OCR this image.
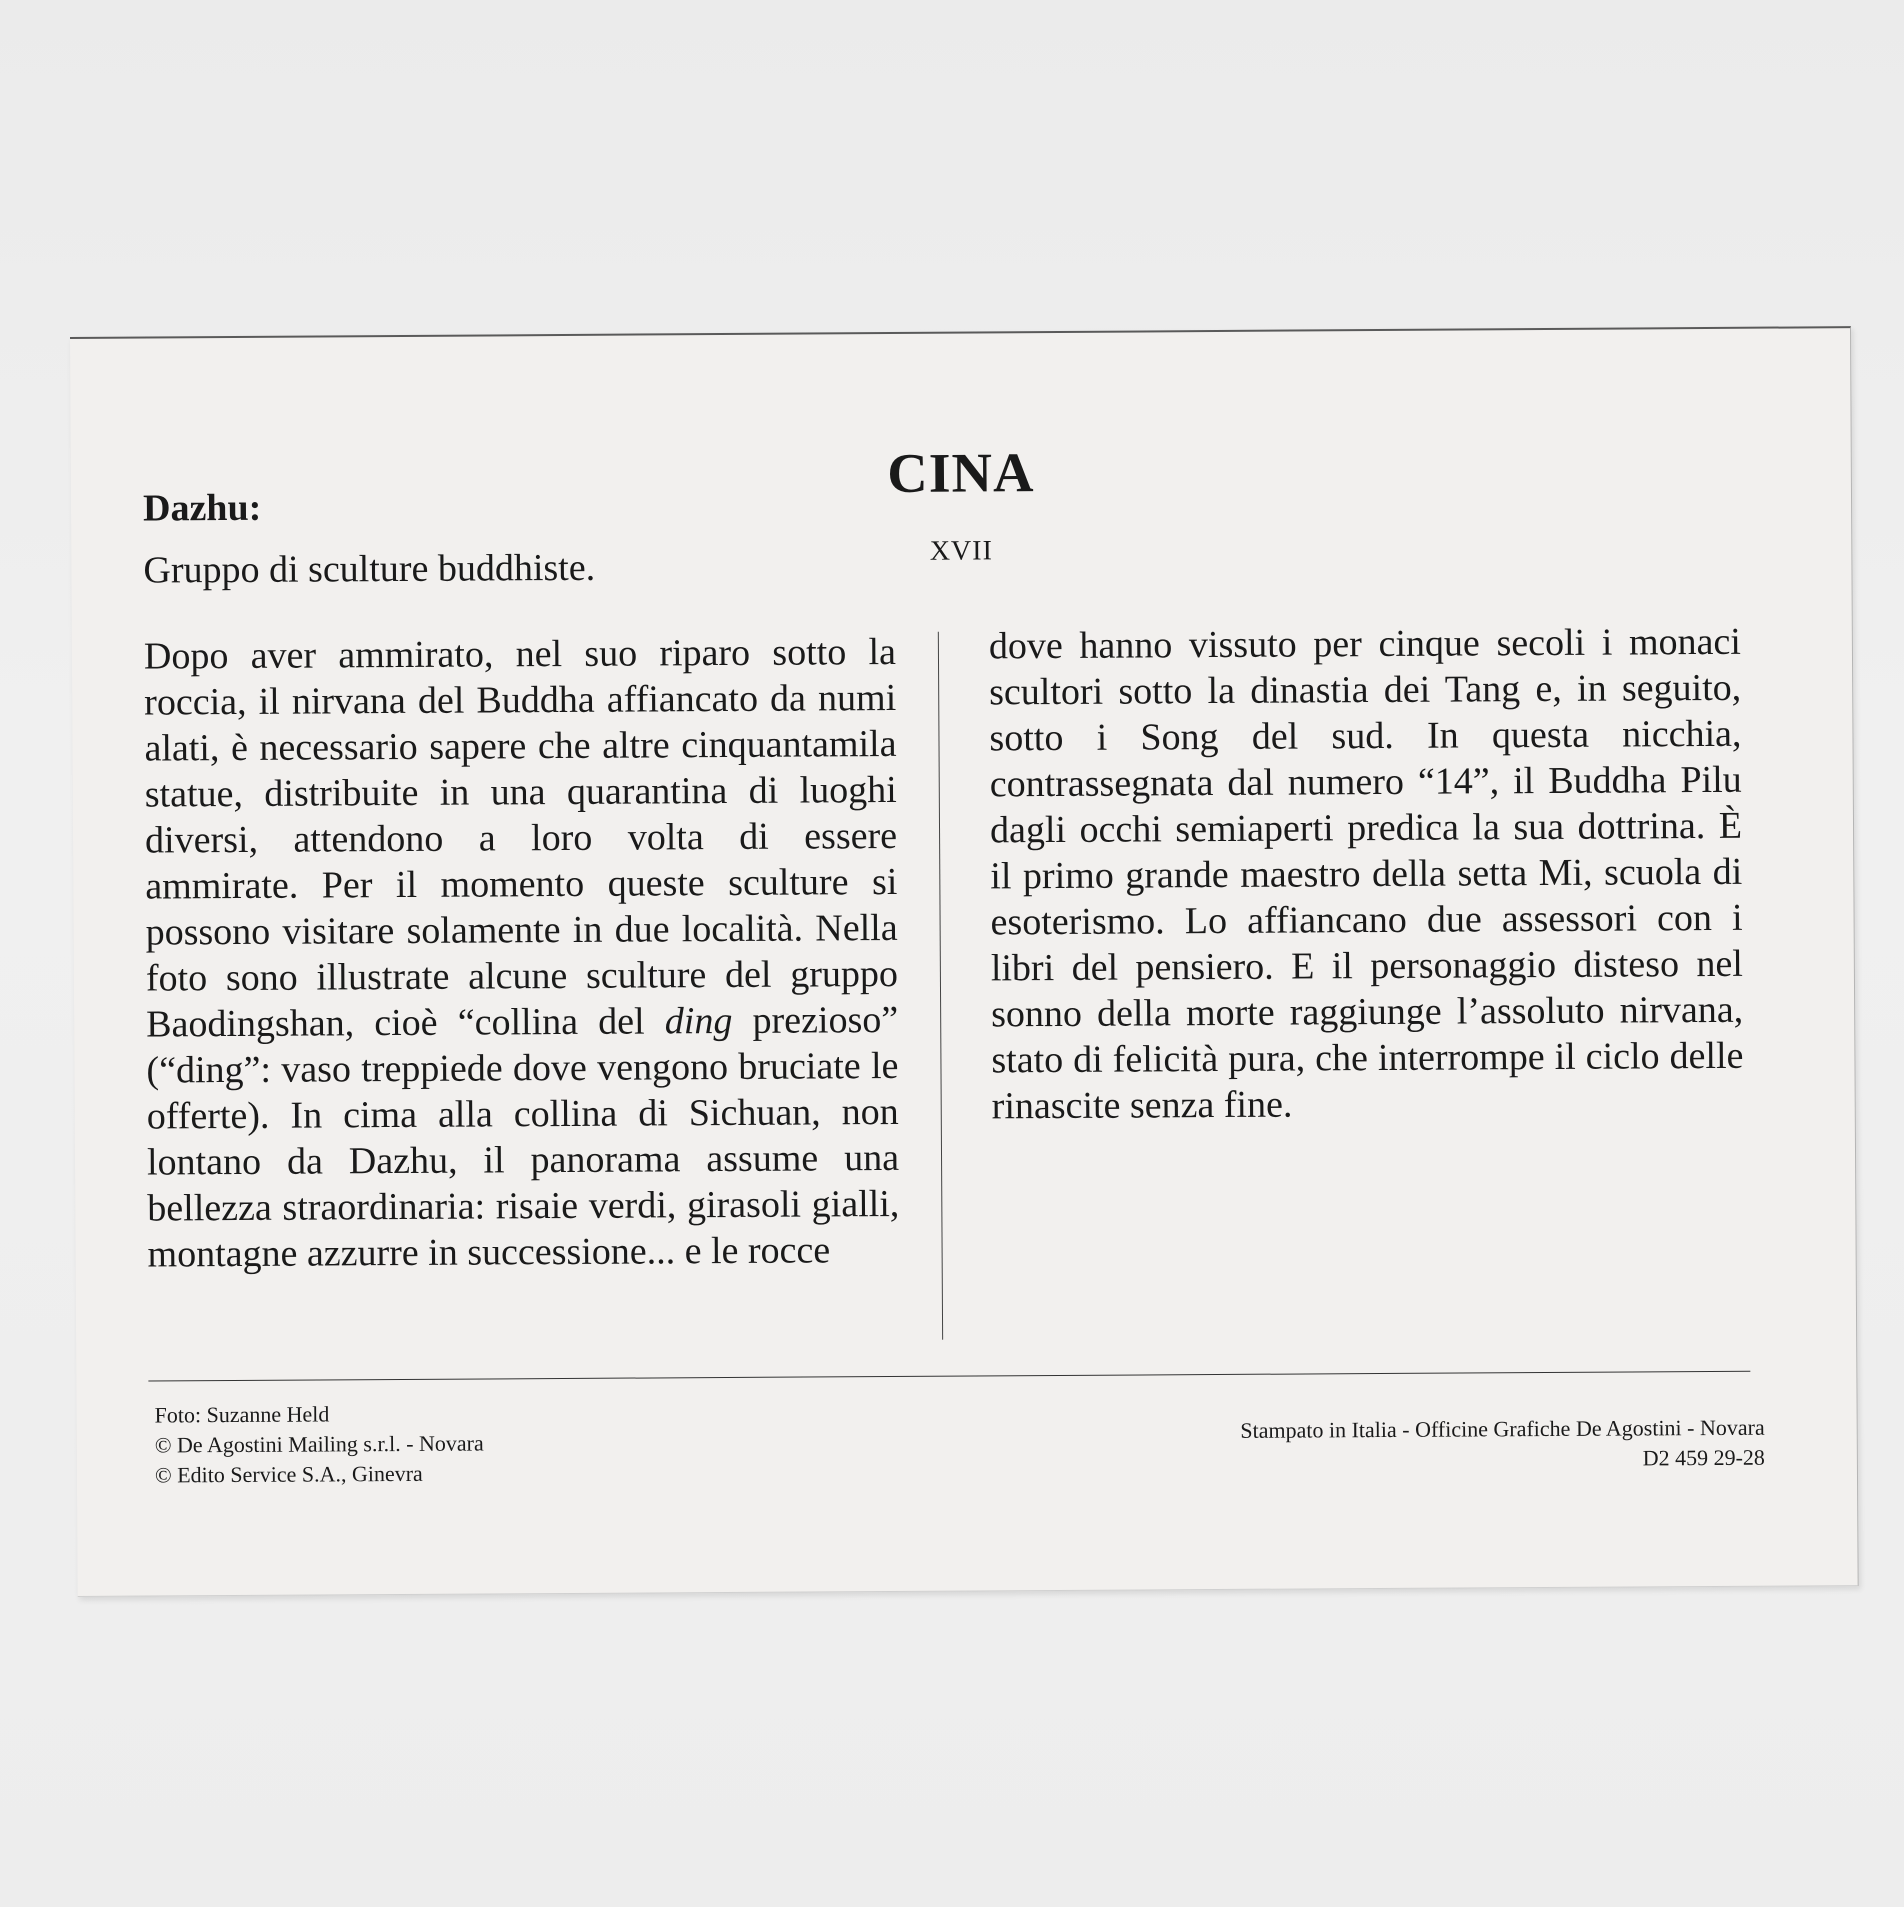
CINA
XVII
Dazhu:
Gruppo di sculture buddhiste.

Dopo aver ammirato, nel suo riparo sotto la roccia, il nirvana del Buddha affiancato da numi alati, è necessario sapere che altre cinquantamila statue, distribuite in una quarantina di luoghi diversi, attendono a loro volta di essere ammirate. Per il momento queste sculture si possono visitare solamente in due località. Nella foto sono illustrate alcune sculture del gruppo Baodingshan, cioè “collina del ding prezioso” (“ding”: vaso treppiede dove vengono bruciate le offerte). In cima alla collina di Sichuan, non lontano da Dazhu, il panorama assume una bellezza straordinaria: risaie verdi, girasoli gialli, montagne azzurre in successione... e le rocce

dove hanno vissuto per cinque secoli i monaci scultori sotto la dinastia dei Tang e, in seguito, sotto i Song del sud. In questa nicchia, contrassegnata dal numero “14”, il Buddha Pilu dagli occhi semiaperti predica la sua dottrina. È il primo grande maestro della setta Mi, scuola di esoterismo. Lo affiancano due assessori con i libri del pensiero. E il personaggio disteso nel sonno della morte raggiunge l’assoluto nirvana, stato di felicità pura, che interrompe il ciclo delle rinascite senza fine.

Foto: Suzanne Held
© De Agostini Mailing s.r.l. - Novara
© Edito Service S.A., Ginevra
Stampato in Italia - Officine Grafiche De Agostini - Novara
D2 459 29-28
